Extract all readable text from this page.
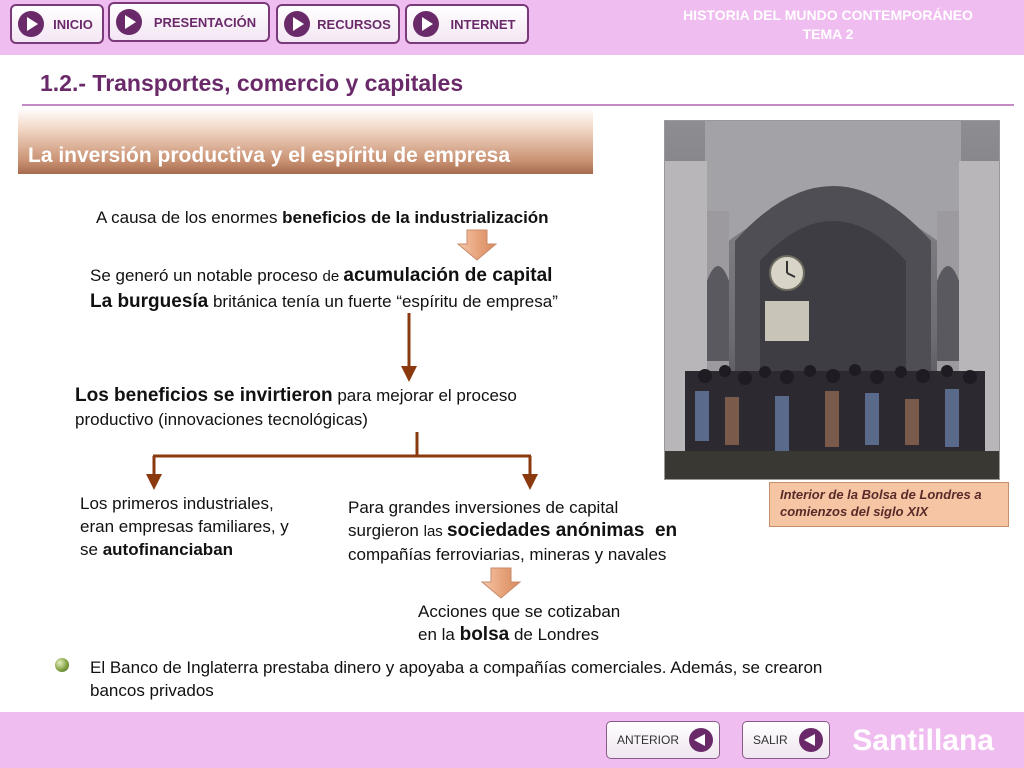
INICIO	PRESENTACIÓN	RECURSOS	INTERNET
HISTORIA DEL MUNDO CONTEMPORÁNEO
TEMA 2
1.2.- Transportes, comercio y capitales
La inversión productiva y el espíritu de empresa
A causa de los enormes beneficios de la industrialización
Se generó un notable proceso de acumulación de capital
La burguesía británica tenía un fuerte “espíritu de empresa”
Los beneficios se invirtieron para mejorar el proceso
productivo (innovaciones tecnológicas)
Los primeros industriales,
eran empresas familiares, y
se autofinanciaban
Para grandes inversiones de capital
surgieron las sociedades anónimas  en
compañías ferroviarias, mineras y navales
Acciones que se cotizaban
en la bolsa de Londres
Interior de la Bolsa de Londres a comienzos del siglo XIX
El Banco de Inglaterra prestaba dinero y apoyaba a compañías comerciales. Además, se crearon
bancos privados
ANTERIOR	SALIR Santillana
